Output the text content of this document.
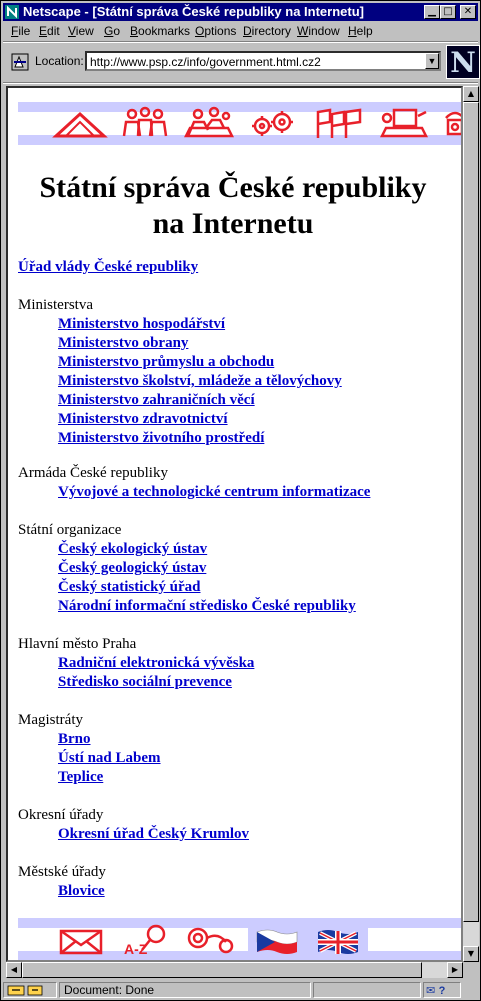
Netscape - [Státní správa České republiky na Internetu]	▁ □	✕
File Edit View Go Bookmarks Options Directory Window Help
Location: http://www.psp.cz/info/government.html.cz2	▼ N
Státní správa České republiky
na Internetu
Úřad vlády České republiky
Ministerstva
Ministerstvo hospodářství
Ministerstvo obrany
Ministerstvo průmyslu a obchodu
Ministerstvo školství, mládeže a tělovýchovy
Ministerstvo zahraničních věcí
Ministerstvo zdravotnictví
Ministerstvo životního prostředí
Armáda České republiky
Vývojové a technologické centrum informatizace
Státní organizace
Český ekologický ústav
Český geologický ústav
Český statistický úřad
Národní informační středisko České republiky
Hlavní město Praha
Radniční elektronická vývěska
Středisko sociální prevence
Magistráty
Brno
Ústí nad Labem
Teplice
Okresní úřady
Okresní úřad Český Krumlov
Městské úřady
Blovice
A-Z
▲
▼
◀	▶
Document: Done	✉ ?
